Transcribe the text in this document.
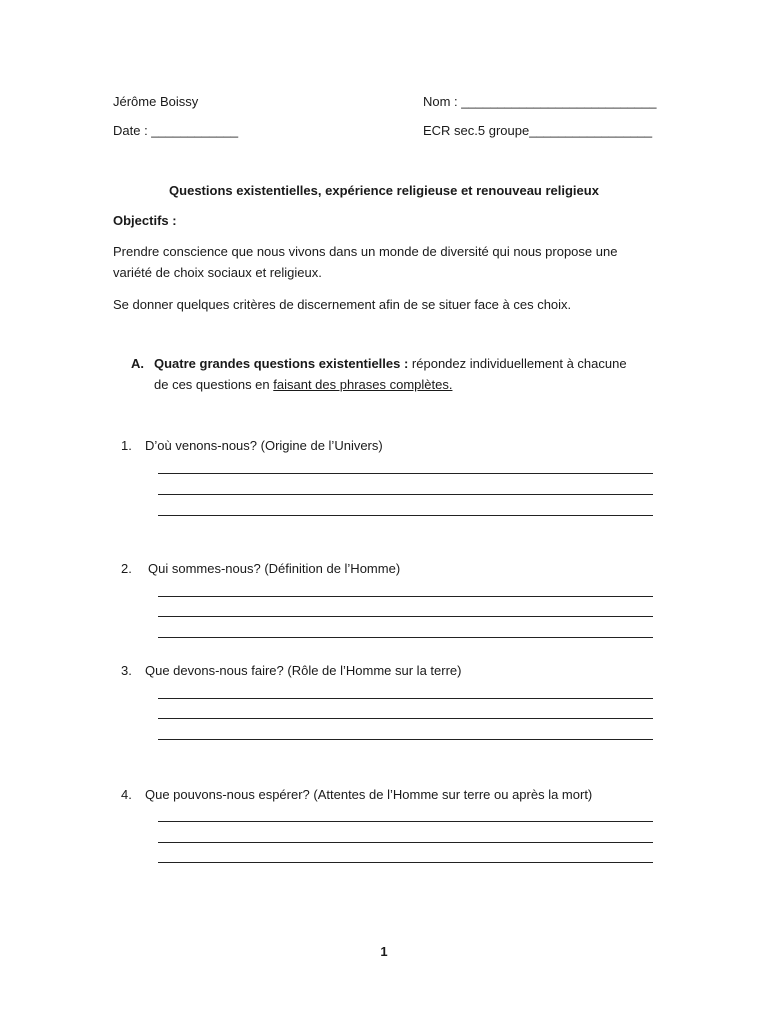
Jérôme Boissy	Nom : ___________________________
Date : ____________	ECR sec.5 groupe_________________
Questions existentielles, expérience religieuse et renouveau religieux
Objectifs :
Prendre conscience que nous vivons dans un monde de diversité qui nous propose une variété de choix sociaux et religieux.
Se donner quelques critères de discernement afin de se situer face à ces choix.
A. Quatre grandes questions existentielles : répondez individuellement à chacune
de ces questions en faisant des phrases complètes.
1. D’où venons-nous? (Origine de l’Univers)
2. Qui sommes-nous? (Définition de l’Homme)
3. Que devons-nous faire? (Rôle de l’Homme sur la terre)
4. Que pouvons-nous espérer? (Attentes de l’Homme sur terre ou après la mort)
1
